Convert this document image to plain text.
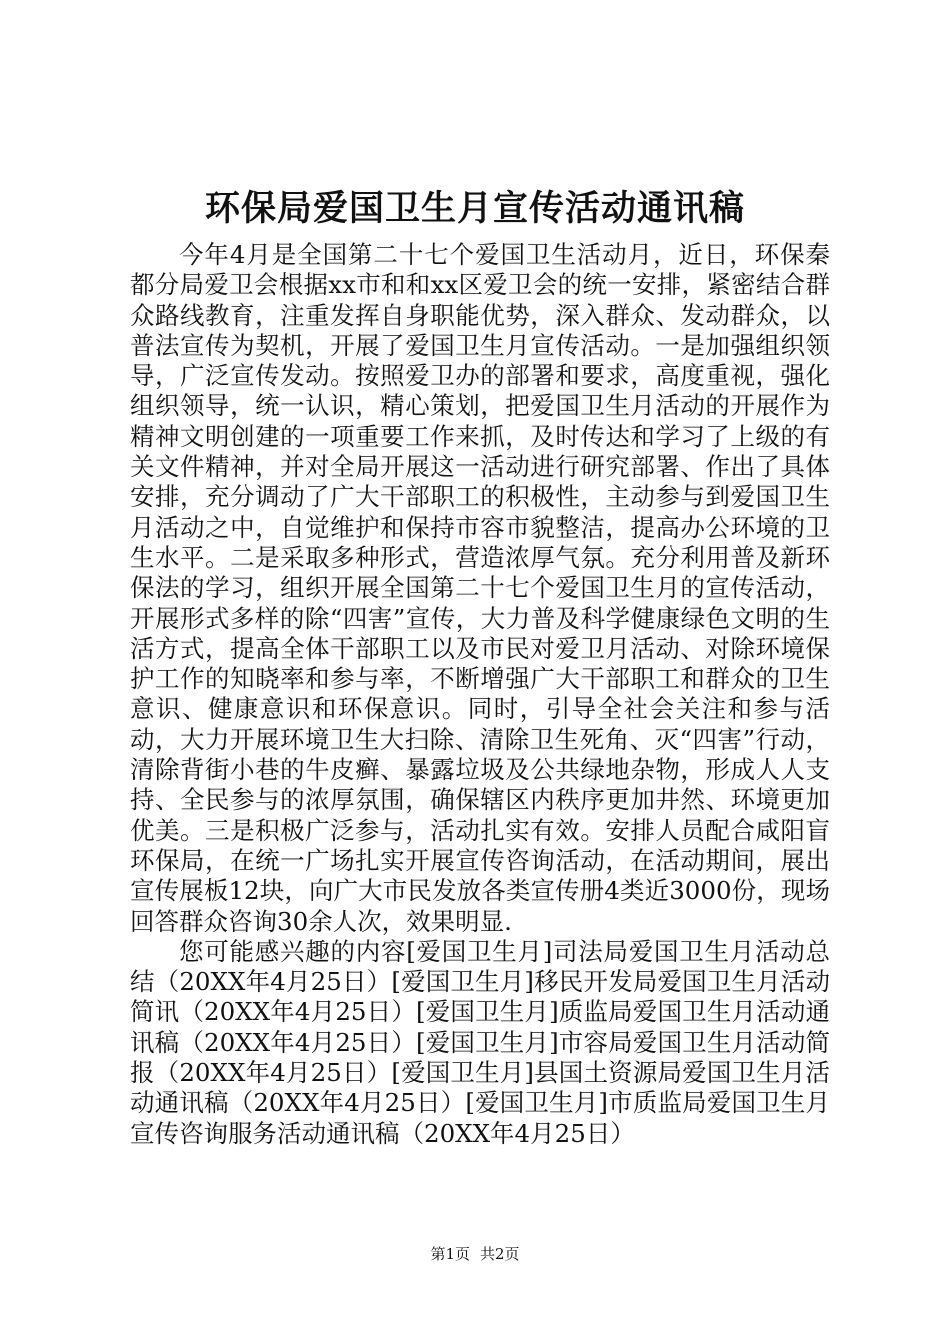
环保局爱国卫生月宣传活动通讯稿

今年4月是全国第二十七个爱国卫生活动月，近日，环保秦都分局爱卫会根据xx市和和xx区爱卫会的统一安排，紧密结合群众路线教育，注重发挥自身职能优势，深入群众、发动群众，以普法宣传为契机，开展了爱国卫生月宣传活动。一是加强组织领导，广泛宣传发动。按照爱卫办的部署和要求，高度重视，强化组织领导，统一认识，精心策划，把爱国卫生月活动的开展作为精神文明创建的一项重要工作来抓，及时传达和学习了上级的有关文件精神，并对全局开展这一活动进行研究部署、作出了具体安排，充分调动了广大干部职工的积极性，主动参与到爱国卫生月活动之中，自觉维护和保持市容市貌整洁，提高办公环境的卫生水平。二是采取多种形式，营造浓厚气氛。充分利用普及新环保法的学习，组织开展全国第二十七个爱国卫生月的宣传活动，开展形式多样的除“四害”宣传，大力普及科学健康绿色文明的生活方式，提高全体干部职工以及市民对爱卫月活动、对除环境保护工作的知晓率和参与率，不断增强广大干部职工和群众的卫生意识、健康意识和环保意识。同时，引导全社会关注和参与活动，大力开展环境卫生大扫除、清除卫生死角、灭“四害”行动，清除背街小巷的牛皮癣、暴露垃圾及公共绿地杂物，形成人人支持、全民参与的浓厚氛围，确保辖区内秩序更加井然、环境更加优美。三是积极广泛参与，活动扎实有效。安排人员配合咸阳盲环保局，在统一广场扎实开展宣传咨询活动，在活动期间，展出宣传展板12块，向广大市民发放各类宣传册4类近3000份，现场回答群众咨询30余人次，效果明显.

您可能感兴趣的内容[爱国卫生月]司法局爱国卫生月活动总结（20XX年4月25日）[爱国卫生月]移民开发局爱国卫生月活动简讯（20XX年4月25日）[爱国卫生月]质监局爱国卫生月活动通讯稿（20XX年4月25日）[爱国卫生月]市容局爱国卫生月活动简报（20XX年4月25日）[爱国卫生月]县国土资源局爱国卫生月活动通讯稿（20XX年4月25日）[爱国卫生月]市质监局爱国卫生月宣传咨询服务活动通讯稿（20XX年4月25日）

第1页 共2页
